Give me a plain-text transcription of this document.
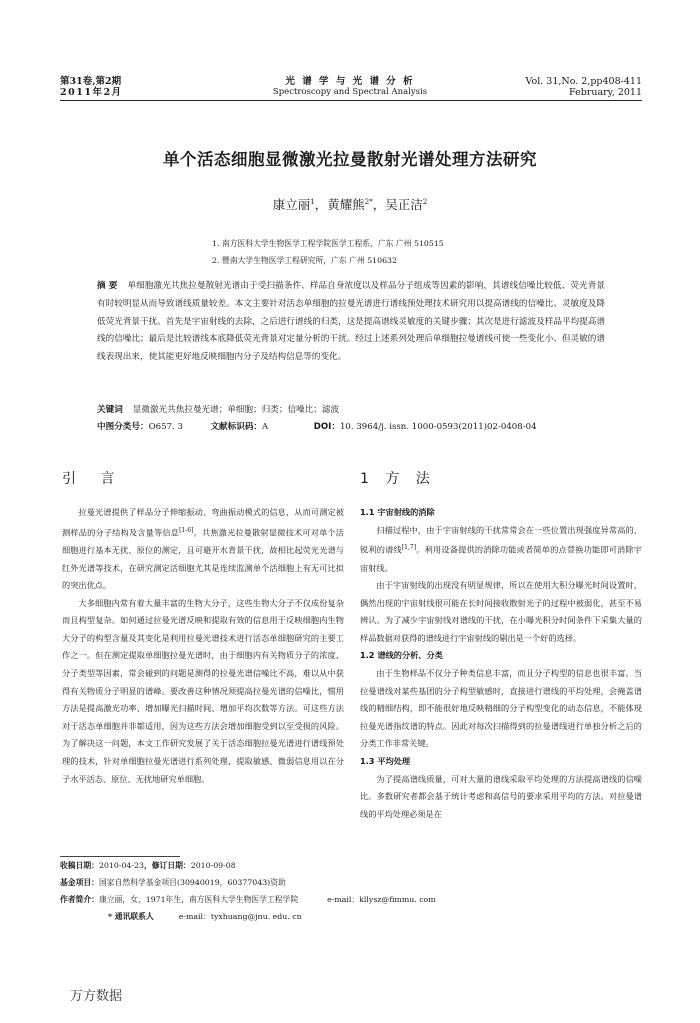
第31卷,第2期
2011年2月
光 谱 学 与 光 谱 分 析
Spectroscopy and Spectral Analysis
Vol. 31,No. 2,pp408-411
February, 2011
单个活态细胞显微激光拉曼散射光谱处理方法研究
康立丽$^1$，黄耀熊$^{2*}$，吴正洁$^2$
1. 南方医科大学生物医学工程学院医学工程系，广东 广州 510515
2. 暨南大学生物医学工程研究所，广东 广州 510632
摘 要 单细胞激光共焦拉曼散射光谱由于受扫描条件、样品自身浓度以及样品分子组成等因素的影响，其谱线信噪比较低、荧光背景有时较明显从而导致谱线质量较差。本文主要针对活态单细胞的拉曼光谱进行谱线预处理技术研究用以提高谱线的信噪比、灵敏度及降低荧光背景干扰。首先是宇宙射线的去除，之后进行谱线的归类，这是提高谱线灵敏度的关键步骤；其次是进行滤波及样品平均提高谱线的信噪比；最后是比较谱线本底降低荧光背景对定量分析的干扰。经过上述系列处理后单细胞拉曼谱线可使一些变化小、但灵敏的谱线表现出来，使其能更好地反映细胞内分子及结构信息等的变化。
关键词 显微激光共焦拉曼光谱；单细胞；归类；信噪比；滤波
中图分类号：O657. 3	文献标识码：A	DOI：10. 3964/j. issn. 1000-0593(2011)02-0408-04
引 言	1 方 法

拉曼光谱提供了样品分子伸缩振动、弯曲振动模式的信息，从而可测定被测样品的分子结构及含量等信息[1-6]。共焦激光拉曼散射显微技术可对单个活细胞进行基本无扰、原位的测定，且可避开水背景干扰，故相比起荧光光谱与红外光谱等技术，在研究测定活细胞尤其是连续监测单个活细胞上有无可比拟的突出优点。

大多细胞内常有着大量丰富的生物大分子，这些生物大分子不仅成份复杂而且构型复杂。如何通过拉曼光谱反映和提取有效的信息用于反映细胞内生物大分子的构型含量及其变化是利用拉曼光谱技术进行活态单细胞研究的主要工作之一。但在测定提取单细胞拉曼光谱时，由于细胞内有关物质分子的浓度、分子类型等因素，常会碰到的问题是测得的拉曼光谱信噪比不高，难以从中获得有关物质分子明显的谱峰。要改善这种情况须提高拉曼光谱的信噪比，惯用方法是提高激光功率、增加曝光扫描时间、增加平均次数等方法。可这些方法对于活态单细胞并非都适用，因为这些方法会增加细胞受到以至受损的风险。为了解决这一问题，本文工作研究发展了关于活态细胞拉曼光谱进行谱线预处理的技术，针对单细胞拉曼光谱进行系列处理，提取敏感、微弱信息用以在分子水平活态、原位、无扰地研究单细胞。

1.1 宇宙射线的消除

扫描过程中，由于宇宙射线的干扰常常会在一些位置出现强度异常高的、锐利的谱线[1,7]。利用设备提供的消除功能或者简单的点替换功能即可消除宇宙射线。

由于宇宙射线的出现没有明显规律，所以在使用大积分曝光时间设置时，偶然出现的宇宙射线很可能在长时间接收散射光子的过程中被弱化，甚至不易辨认。为了减少宇宙射线对谱线的干扰，在小曝光积分时间条件下采集大量的样品数据对获得的谱线进行宇宙射线的剔出是一个好的选择。

1.2 谱线的分析、分类

由于生物样品不仅分子种类信息丰富，而且分子构型的信息也很丰富。当拉曼谱线对某些基团的分子构型敏感时，直接进行谱线的平均处理，会掩盖谱线的精细结构，即不能很好地反映精细的分子构型变化的动态信息，不能体现拉曼光谱指纹谱的特点。因此对每次扫描得到的拉曼谱线进行单独分析之后的分类工作非常关键。

1.3 平均处理

为了提高谱线质量，可对大量的谱线采取平均处理的方法提高谱线的信噪比。多数研究者都会基于统计考虑和高信号的要求采用平均的方法。对拉曼谱线的平均处理必须是在

收稿日期：2010-04-23，修订日期：2010-09-08
基金项目：国家自然科学基金项目(30940019，60377043)资助
作者简介：康立丽，女，1971年生，南方医科大学生物医学工程学院	e-mail：kllysz@fimmu. com
* 通讯联系人	e-mail：tyxhuang@jnu. edu. cn
万方数据
